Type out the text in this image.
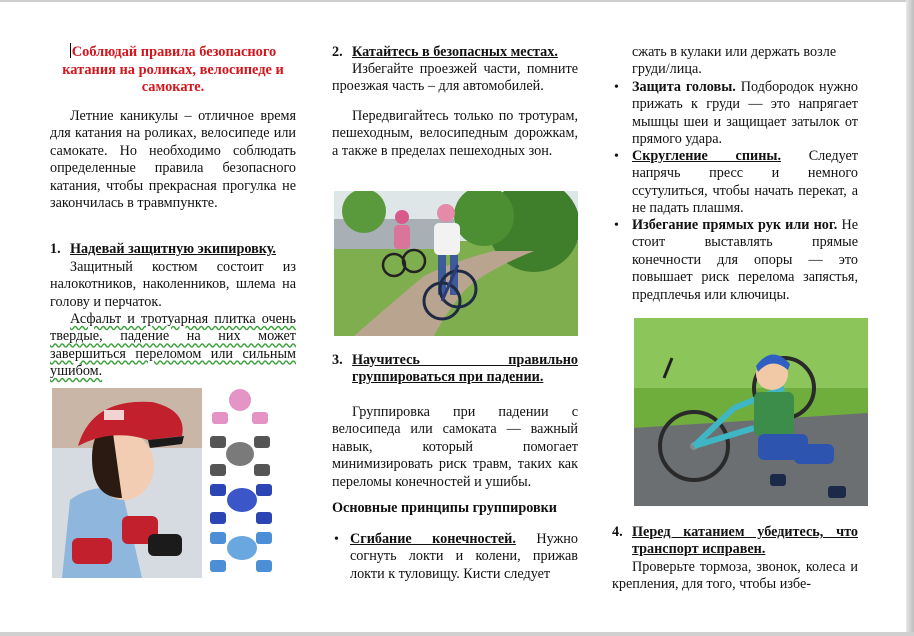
Соблюдай правила безопасного катания на роликах, велосипеде и самокате.

Летние каникулы – отличное время для катания на роликах, велосипеде или самокате. Но необходимо соблюдать определенные правила безопасного катания, чтобы прекрасная прогулка не закончилась в травмпункте.

1. Надевай защитную экипировку.

Защитный костюм состоит из налокотников, наколенников, шлема на голову и перчаток.

Асфальт и тротуарная плитка очень твердые, падение на них может завершиться переломом или сильным ушибом.

2. Катайтесь в безопасных местах.

Избегайте проезжей части, помните проезжая часть – для автомобилей.

Передвигайтесь только по тротурам, пешеходным, велосипедным дорожкам, а также в пределах пешеходных зон.

3. Научитесь правильно группироваться при падении.

Группировка при падении с велосипеда или самоката — важный навык, который помогает минимизировать риск травм, таких как переломы конечностей и ушибы.

Основные принципы группировки

• Сгибание конечностей. Нужно согнуть локти и колени, прижав локти к туловищу. Кисти следует

сжать в кулаки или держать возле груди/лица.

• Защита головы. Подбородок нужно прижать к груди — это напрягает мышцы шеи и защищает затылок от прямого удара.

• Скругление спины. Следует напрячь пресс и немного ссутулиться, чтобы начать перекат, а не падать плашмя.

• Избегание прямых рук или ног. Не стоит выставлять прямые конечности для опоры — это повышает риск перелома запястья, предплечья или ключицы.

4. Перед катанием убедитесь, что транспорт исправен.

Проверьте тормоза, звонок, колеса и крепления, для того, чтобы избе-
